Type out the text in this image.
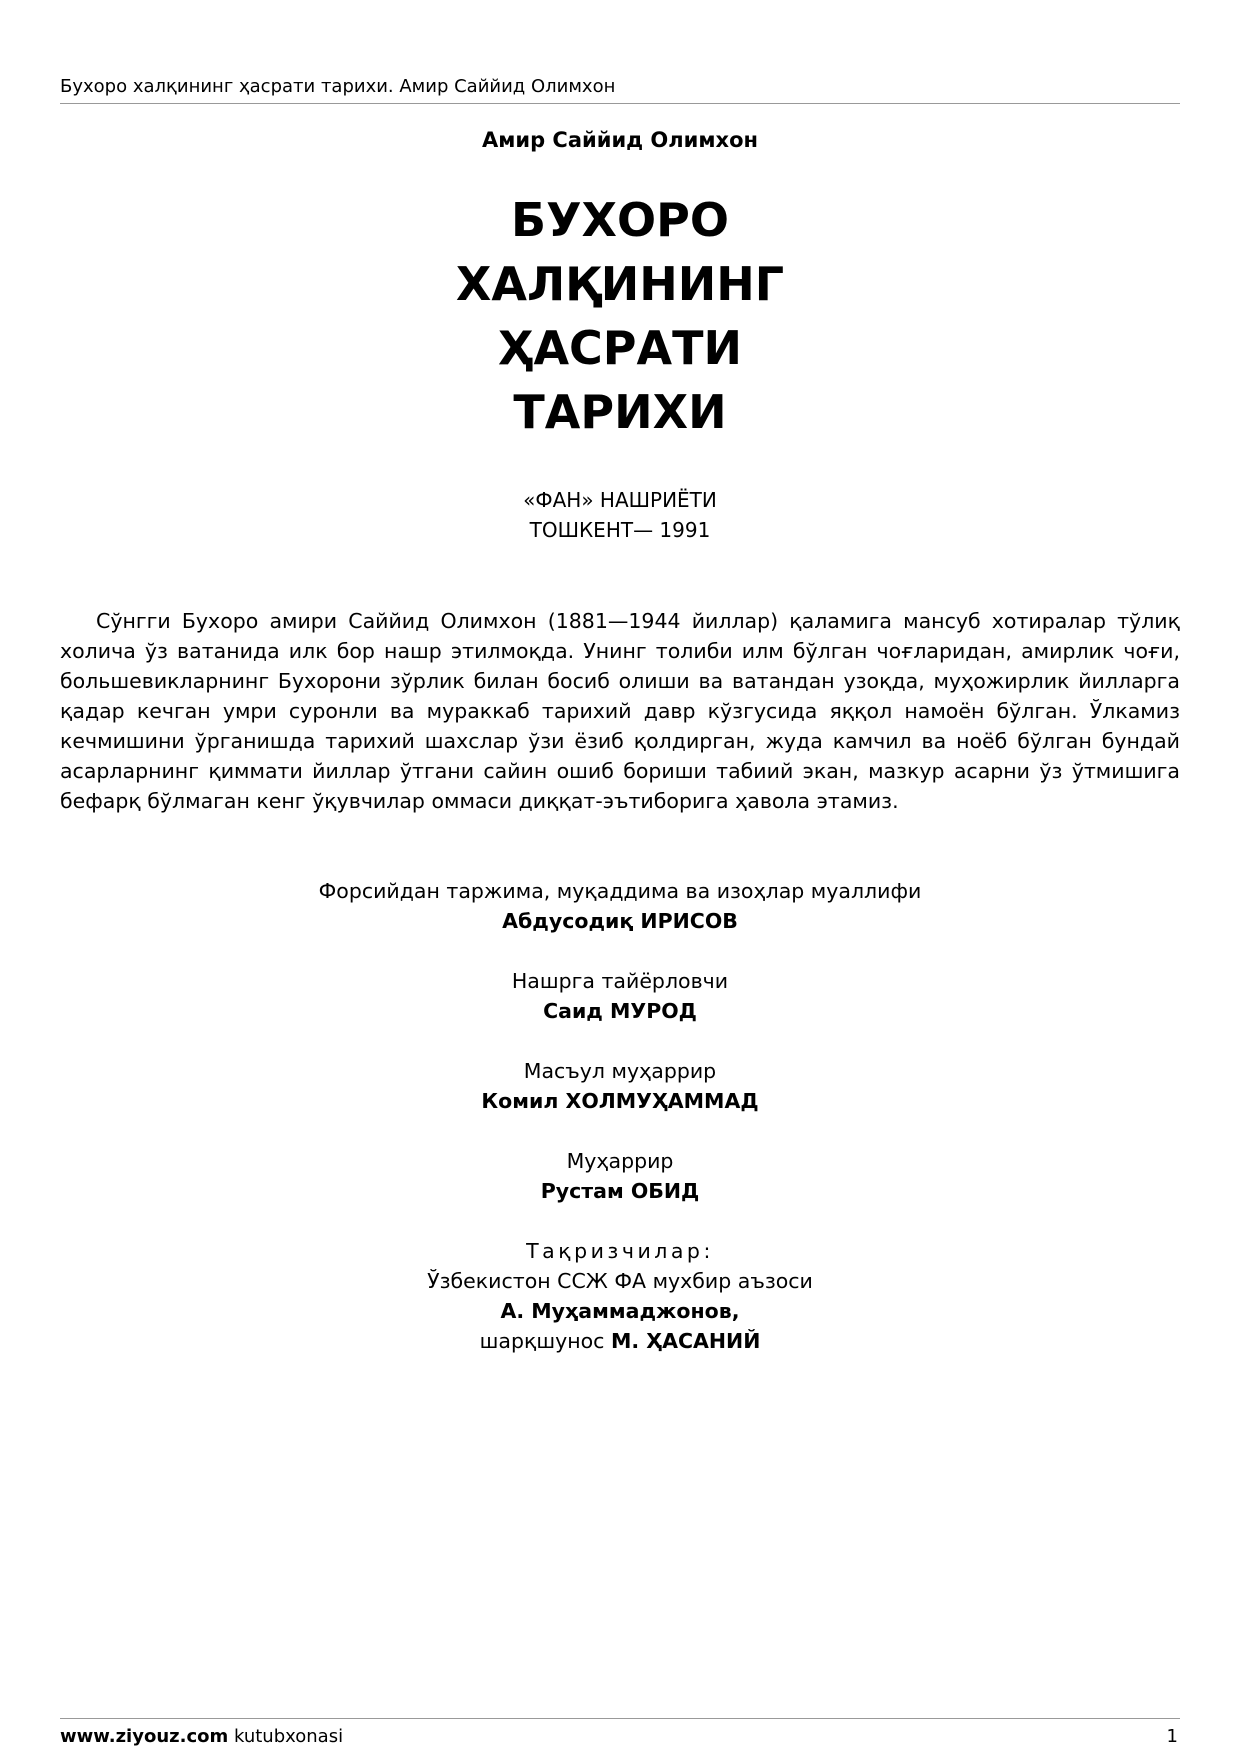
Бухоро халқининг ҳасрати тарихи. Амир Саййид Олимхон
Амир Саййид Олимхон
БУХОРО
ХАЛҚИНИНГ
ҲАСРАТИ
ТАРИХИ
«ФАН» НАШРИЁТИ
ТОШКЕНТ— 1991
Сўнгги Бухоро амири Саййид Олимхон (1881—1944 йиллар) қаламига мансуб хотиралар тўлиқ холича ўз ватанида илк бор нашр этилмоқда. Унинг толиби илм бўлган чоғларидан, амирлик чоғи, большевикларнинг Бухорони зўрлик билан босиб олиши ва ватандан узоқда, муҳожирлик йилларга қадар кечган умри суронли ва мураккаб тарихий давр кўзгусида яққол намоён бўлган. Ўлкамиз кечмишини ўрганишда тарихий шахслар ўзи ёзиб қолдирган, жуда камчил ва ноёб бўлган бундай асарларнинг қиммати йиллар ўтгани сайин ошиб бориши табиий экан, мазкур асарни ўз ўтмишига бефарқ бўлмаган кенг ўқувчилар оммаси диққат-эътиборига ҳавола этамиз.
Форсийдан таржима, муқаддима ва изоҳлар муаллифи
Абдусодиқ ИРИСОВ
Нашрга тайёрловчи
Саид МУРОД
Масъул муҳаррир
Комил ХОЛМУҲАММАД
Муҳаррир
Рустам ОБИД
Тақризчилар:
Ўзбекистон ССЖ ФА мухбир аъзоси
А. Муҳаммаджонов,
шарқшунос М. ҲАСАНИЙ
www.ziyouz.com kutubxonasi	1
